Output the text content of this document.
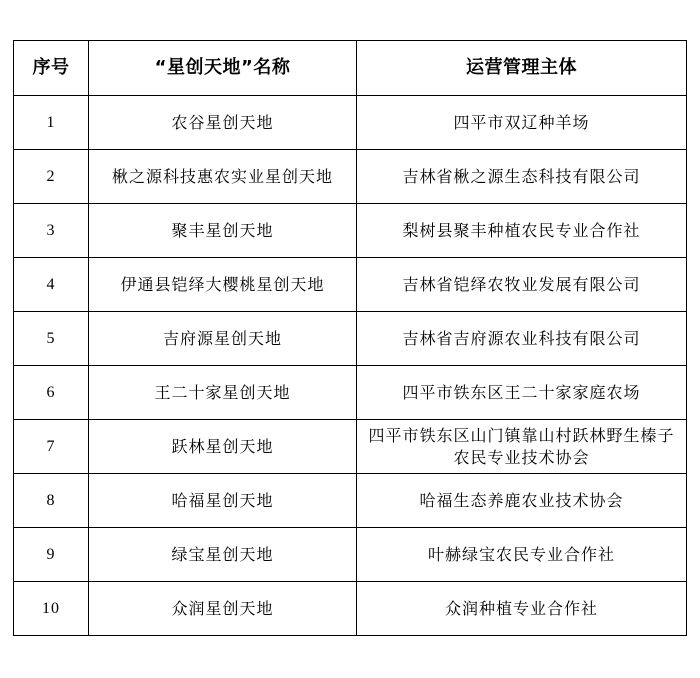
序号	“星创天地”名称	运营管理主体
1	农谷星创天地	四平市双辽种羊场
2	楸之源科技惠农实业星创天地	吉林省楸之源生态科技有限公司
3	聚丰星创天地	梨树县聚丰种植农民专业合作社
4	伊通县铠绎大樱桃星创天地	吉林省铠绎农牧业发展有限公司
5	吉府源星创天地	吉林省吉府源农业科技有限公司
6	王二十家星创天地	四平市铁东区王二十家家庭农场
7	跃林星创天地	四平市铁东区山门镇靠山村跃林野生榛子农民专业技术协会
8	哈福星创天地	哈福生态养鹿农业技术协会
9	绿宝星创天地	叶赫绿宝农民专业合作社
10	众润星创天地	众润种植专业合作社
